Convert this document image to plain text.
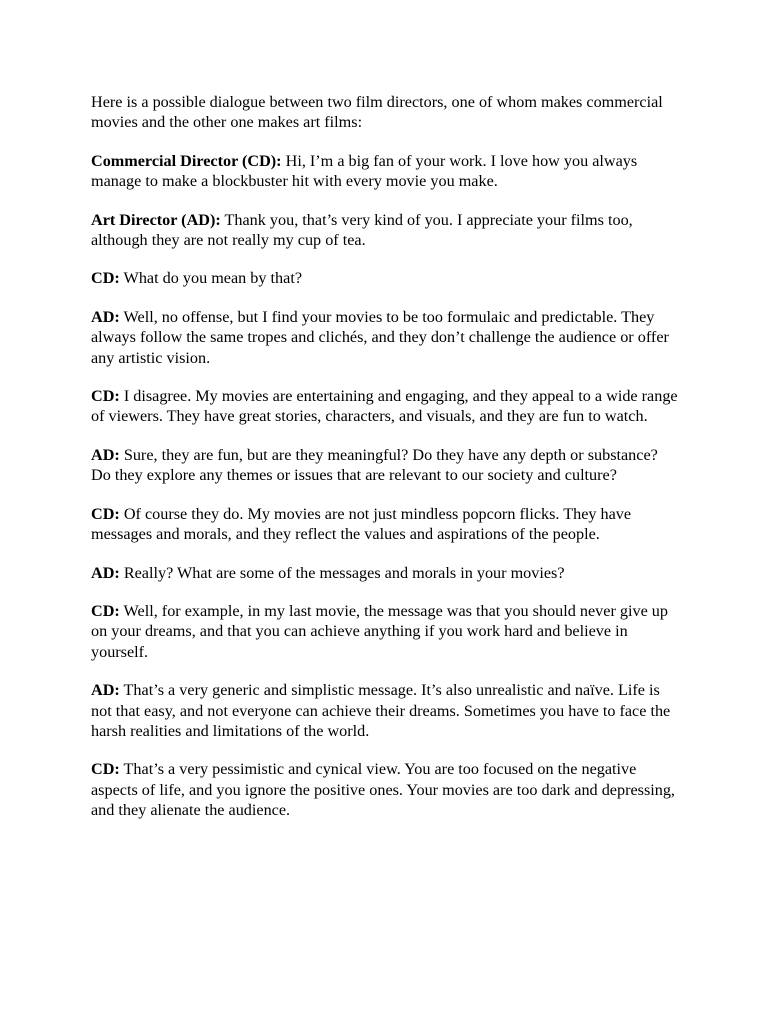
Here is a possible dialogue between two film directors, one of whom makes commercial movies and the other one makes art films:

Commercial Director (CD): Hi, I’m a big fan of your work. I love how you always manage to make a blockbuster hit with every movie you make.

Art Director (AD): Thank you, that’s very kind of you. I appreciate your films too, although they are not really my cup of tea.

CD: What do you mean by that?

AD: Well, no offense, but I find your movies to be too formulaic and predictable. They always follow the same tropes and clichés, and they don’t challenge the audience or offer any artistic vision.

CD: I disagree. My movies are entertaining and engaging, and they appeal to a wide range of viewers. They have great stories, characters, and visuals, and they are fun to watch.

AD: Sure, they are fun, but are they meaningful? Do they have any depth or substance? Do they explore any themes or issues that are relevant to our society and culture?

CD: Of course they do. My movies are not just mindless popcorn flicks. They have messages and morals, and they reflect the values and aspirations of the people.

AD: Really? What are some of the messages and morals in your movies?

CD: Well, for example, in my last movie, the message was that you should never give up on your dreams, and that you can achieve anything if you work hard and believe in yourself.

AD: That’s a very generic and simplistic message. It’s also unrealistic and naïve. Life is not that easy, and not everyone can achieve their dreams. Sometimes you have to face the harsh realities and limitations of the world.

CD: That’s a very pessimistic and cynical view. You are too focused on the negative aspects of life, and you ignore the positive ones. Your movies are too dark and depressing, and they alienate the audience.
